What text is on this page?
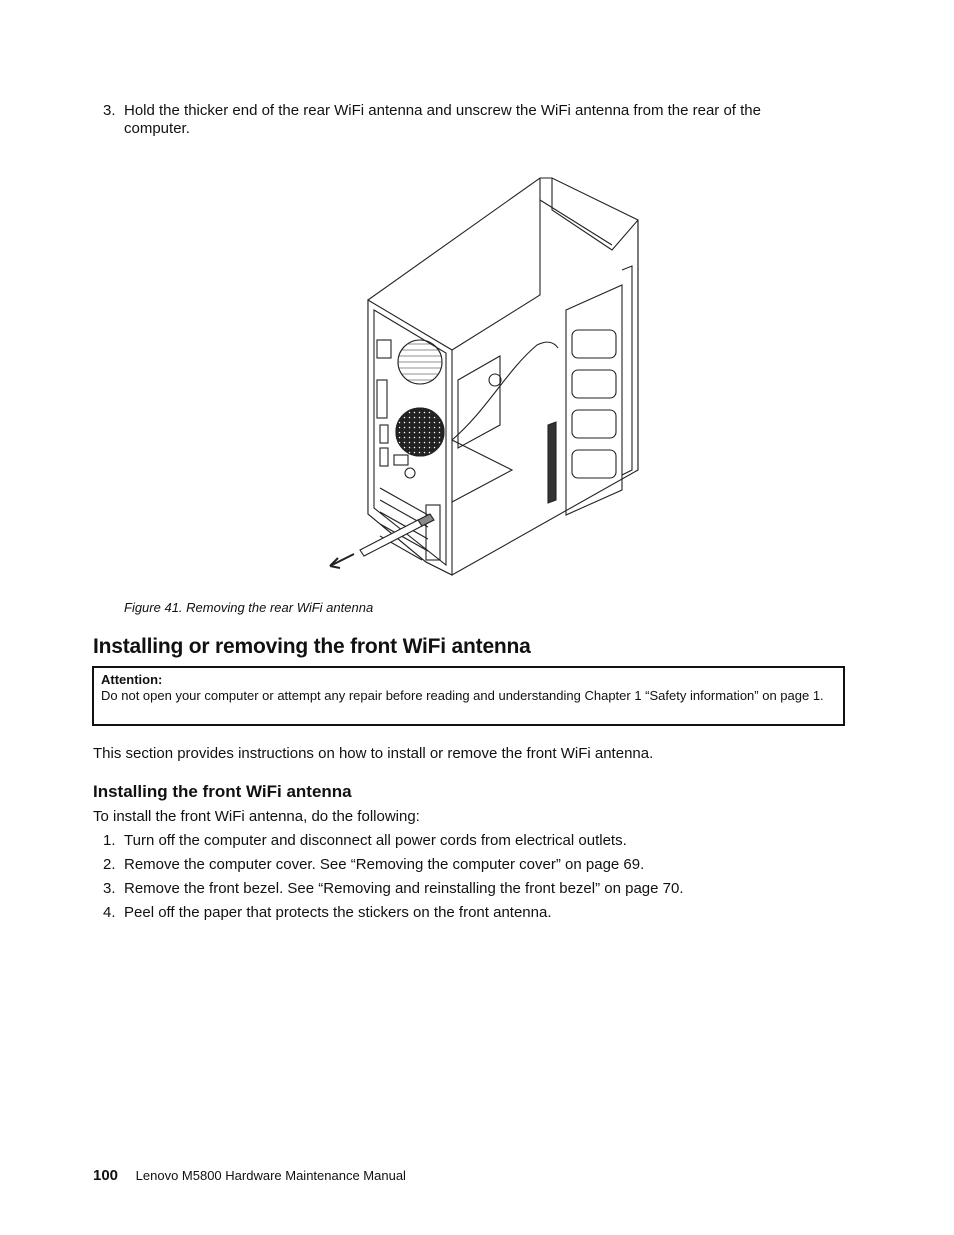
3. Hold the thicker end of the rear WiFi antenna and unscrew the WiFi antenna from the rear of the computer.
Figure 41. Removing the rear WiFi antenna
Installing or removing the front WiFi antenna
Attention:
Do not open your computer or attempt any repair before reading and understanding Chapter 1 “Safety information” on page 1.
This section provides instructions on how to install or remove the front WiFi antenna.
Installing the front WiFi antenna
To install the front WiFi antenna, do the following:
1. Turn off the computer and disconnect all power cords from electrical outlets.
2. Remove the computer cover. See “Removing the computer cover” on page 69.
3. Remove the front bezel. See “Removing and reinstalling the front bezel” on page 70.
4. Peel off the paper that protects the stickers on the front antenna.
100 Lenovo M5800 Hardware Maintenance Manual
